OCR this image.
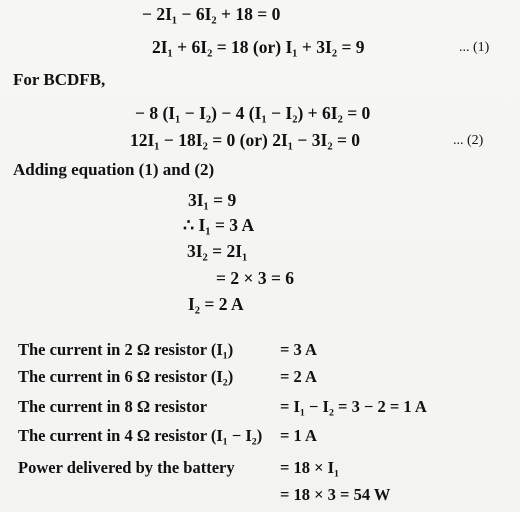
− 2I₁ − 6I₂ + 18 = 0
2I₁ + 6I₂ = 18 (or) I₁ + 3I₂ = 9	... (1)
For BCDFB,
− 8 (I₁ − I₂) − 4 (I₁ − I₂) + 6I₂ = 0
12I₁ − 18I₂ = 0 (or) 2I₁ − 3I₂ = 0	... (2)
Adding equation (1) and (2)
3I₁ = 9
∴ I₁ = 3 A
3I₂ = 2I₁
= 2 × 3 = 6
I₂ = 2 A
The current in 2 Ω resistor (I₁)	= 3 A
The current in 6 Ω resistor (I₂)	= 2 A
The current in 8 Ω resistor	= I₁ − I₂ = 3 − 2 = 1 A
The current in 4 Ω resistor (I₁ − I₂) = 1 A
Power delivered by the battery	= 18 × I₁
= 18 × 3 = 54 W
